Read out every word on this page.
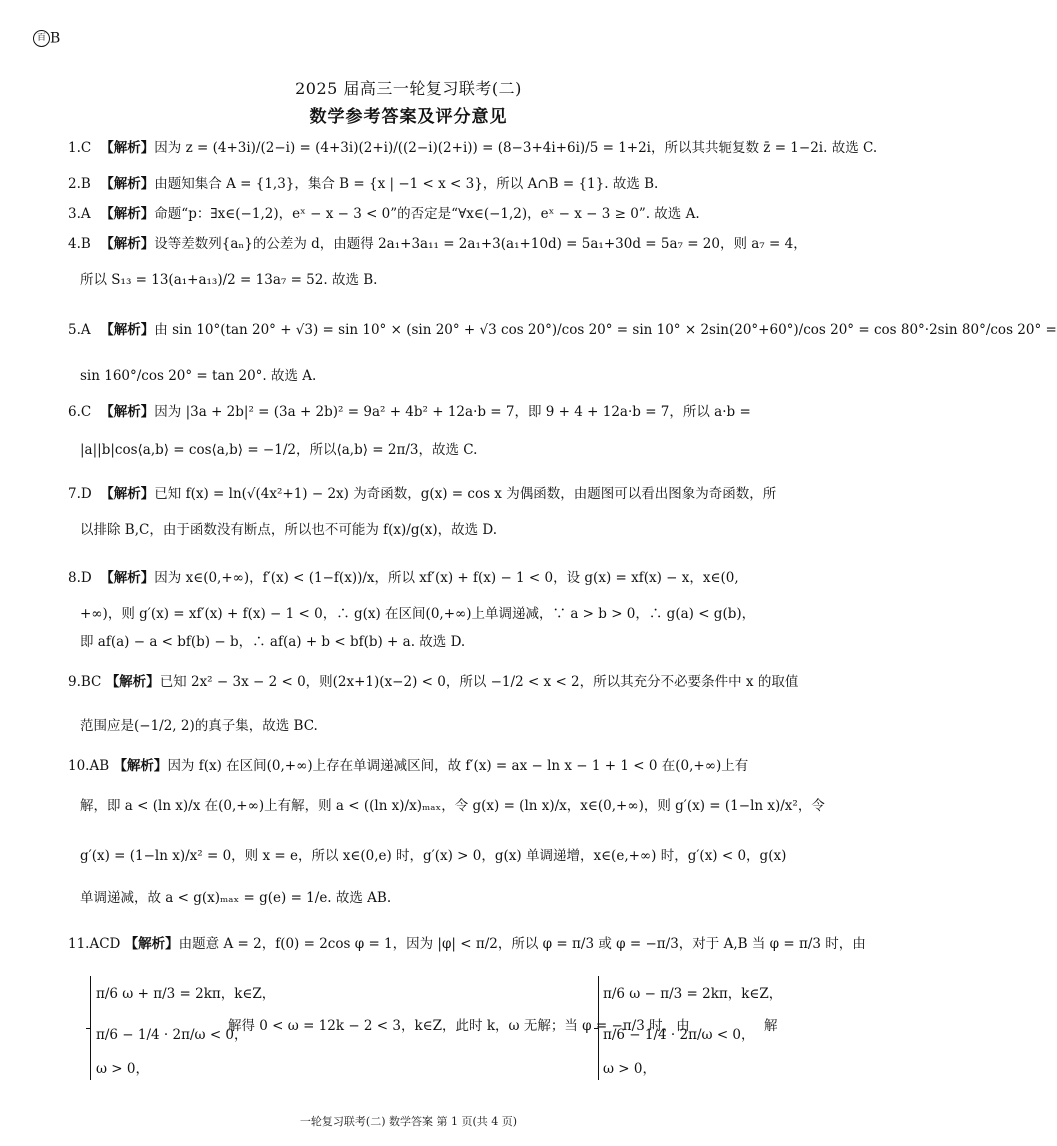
百 B
2025 届高三一轮复习联考(二)
数学参考答案及评分意见
1.C 【解析】因为 z = (4+3i)/(2−i) = (4+3i)(2+i)/((2−i)(2+i)) = (8−3+4i+6i)/5 = 1+2i，所以其共轭复数 z̄ = 1−2i. 故选 C.
2.B 【解析】由题知集合 A = {1,3}，集合 B = {x | −1 < x < 3}，所以 A∩B = {1}. 故选 B.
3.A 【解析】命题“p：∃x∈(−1,2)，eˣ − x − 3 < 0”的否定是“∀x∈(−1,2)，eˣ − x − 3 ≥ 0”. 故选 A.
4.B 【解析】设等差数列{aₙ}的公差为 d，由题得 2a₁+3a₁₁ = 2a₁+3(a₁+10d) = 5a₁+30d = 5a₇ = 20，则 a₇ = 4，
所以 S₁₃ = 13(a₁+a₁₃)/2 = 13a₇ = 52. 故选 B.
5.A 【解析】由 sin 10°(tan 20° + √3) = sin 10° × (sin 20° + √3 cos 20°)/cos 20° = sin 10° × 2sin(20°+60°)/cos 20° = cos 80°·2sin 80°/cos 20° =
sin 160°/cos 20° = tan 20°. 故选 A.
6.C 【解析】因为 |3a + 2b|² = (3a + 2b)² = 9a² + 4b² + 12a·b = 7，即 9 + 4 + 12a·b = 7，所以 a·b =
|a||b|cos⟨a,b⟩ = cos⟨a,b⟩ = −1/2，所以⟨a,b⟩ = 2π/3，故选 C.
7.D 【解析】已知 f(x) = ln(√(4x²+1) − 2x) 为奇函数，g(x) = cos x 为偶函数，由题图可以看出图象为奇函数，所
以排除 B,C，由于函数没有断点，所以也不可能为 f(x)/g(x)，故选 D.
8.D 【解析】因为 x∈(0,+∞)，f′(x) < (1−f(x))/x，所以 xf′(x) + f(x) − 1 < 0，设 g(x) = xf(x) − x，x∈(0,
+∞)，则 g′(x) = xf′(x) + f(x) − 1 < 0，∴ g(x) 在区间(0,+∞)上单调递减，∵ a > b > 0，∴ g(a) < g(b)，
即 af(a) − a < bf(b) − b，∴ af(a) + b < bf(b) + a. 故选 D.
9.BC 【解析】已知 2x² − 3x − 2 < 0，则(2x+1)(x−2) < 0，所以 −1/2 < x < 2，所以其充分不必要条件中 x 的取值
范围应是(−1/2, 2)的真子集，故选 BC.
10.AB 【解析】因为 f(x) 在区间(0,+∞)上存在单调递减区间，故 f′(x) = ax − ln x − 1 + 1 < 0 在(0,+∞)上有
解，即 a < (ln x)/x 在(0,+∞)上有解，则 a < ((ln x)/x)ₘₐₓ，令 g(x) = (ln x)/x，x∈(0,+∞)，则 g′(x) = (1−ln x)/x²，令
g′(x) = (1−ln x)/x² = 0，则 x = e，所以 x∈(0,e) 时，g′(x) > 0，g(x) 单调递增，x∈(e,+∞) 时，g′(x) < 0，g(x)
单调递减，故 a < g(x)ₘₐₓ = g(e) = 1/e. 故选 AB.
11.ACD 【解析】由题意 A = 2，f(0) = 2cos φ = 1，因为 |φ| < π/2，所以 φ = π/3 或 φ = −π/3，对于 A,B 当 φ = π/3 时，由
π/6 ω + π/3 = 2kπ，k∈Z，
π/6 − 1/4 · 2π/ω < 0，
ω > 0，
解得 0 < ω = 12k − 2 < 3，k∈Z，此时 k，ω 无解；当 φ = −π/3 时，由
π/6 ω − π/3 = 2kπ，k∈Z，
π/6 − 1/4 · 2π/ω < 0，
ω > 0，
解
一轮复习联考(二) 数学答案 第 1 页(共 4 页)
